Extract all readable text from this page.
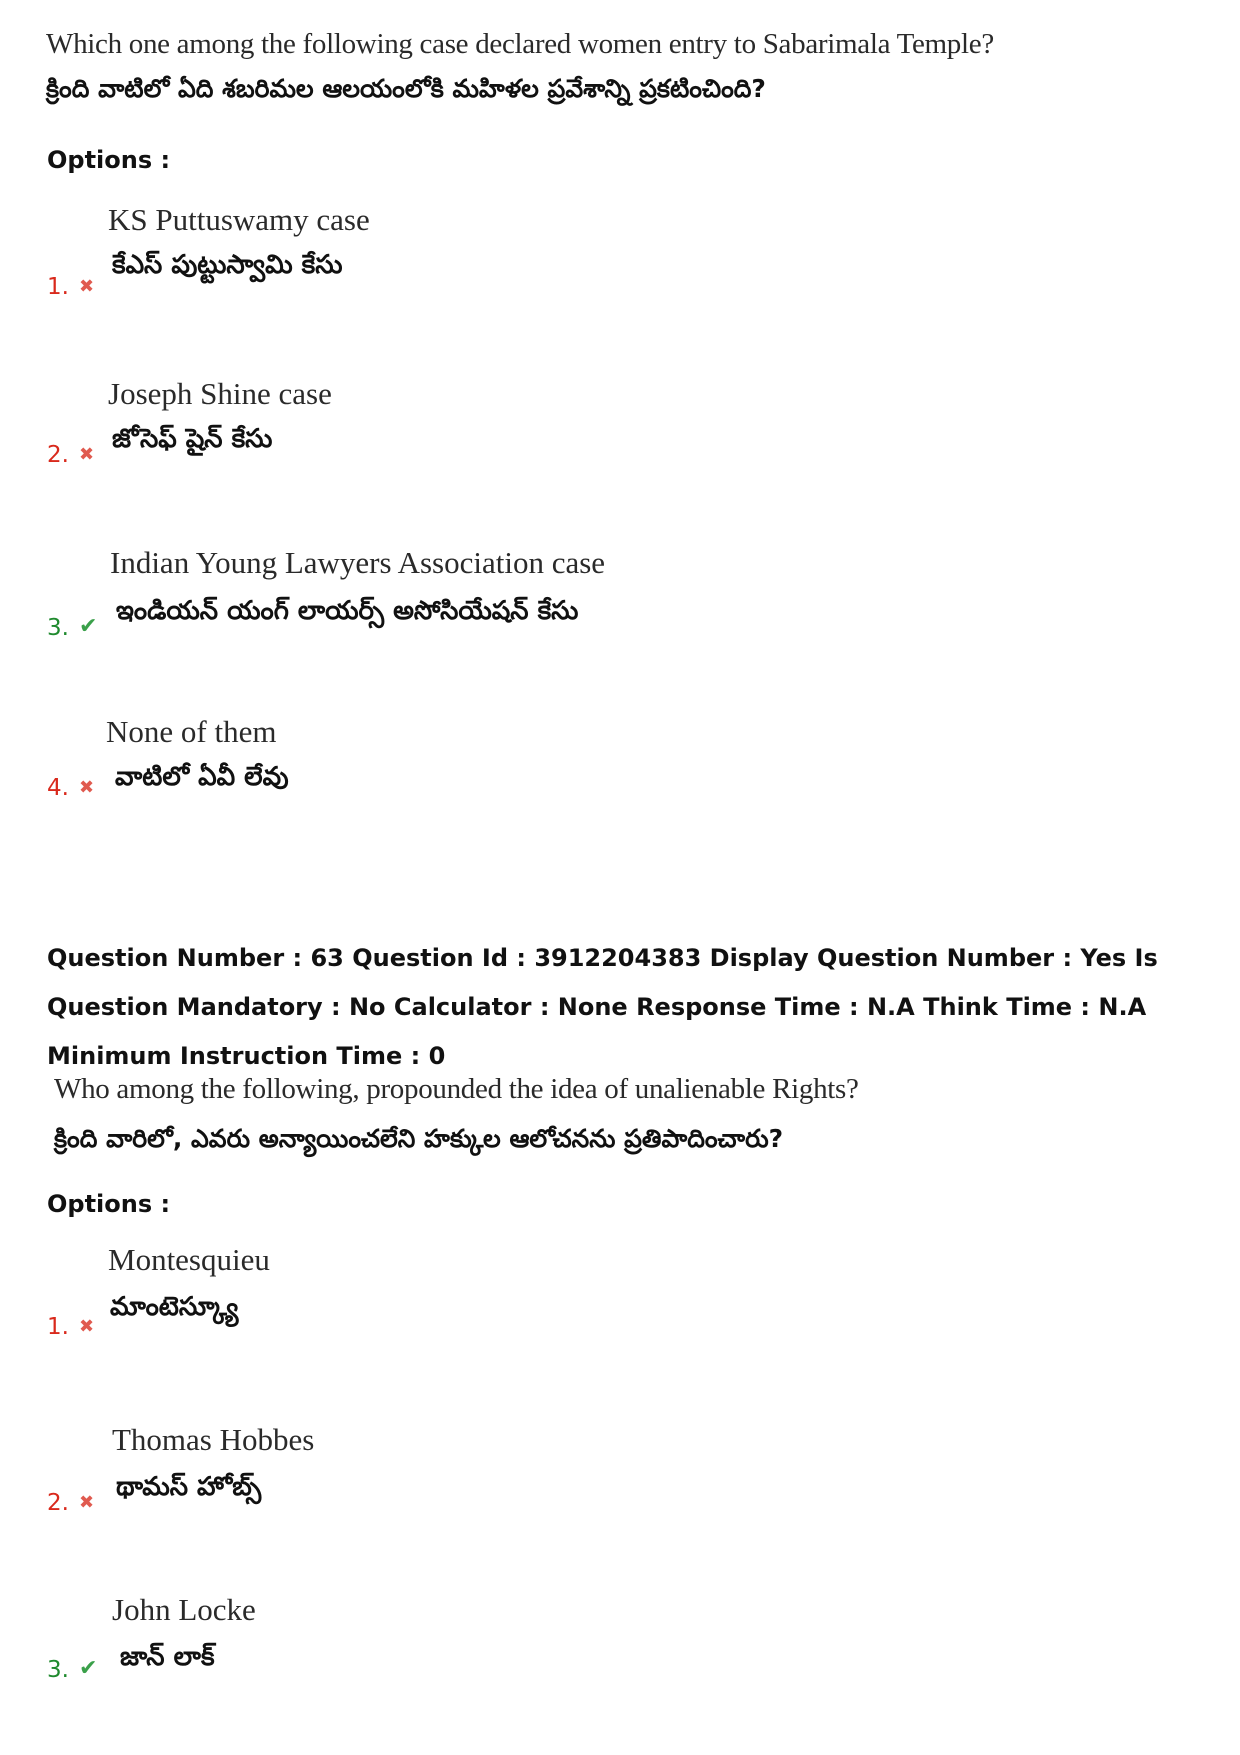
Which one among the following case declared women entry to Sabarimala Temple?
క్రింది వాటిలో ఏది శబరిమల ఆలయంలోకి మహిళల ప్రవేశాన్ని ప్రకటించింది?
Options :
KS Puttuswamy case
కేఎస్ పుట్టుస్వామి కేసు
1. ✖
Joseph Shine case
జోసెఫ్ షైన్ కేసు
2. ✖
Indian Young Lawyers Association case
ఇండియన్ యంగ్ లాయర్స్ అసోసియేషన్ కేసు
3. ✔
None of them
వాటిలో ఏవీ లేవు
4. ✖
Question Number : 63 Question Id : 3912204383 Display Question Number : Yes Is Question Mandatory : No Calculator : None Response Time : N.A Think Time : N.A Minimum Instruction Time : 0
Who among the following, propounded the idea of unalienable Rights?
క్రింది వారిలో, ఎవరు అన్యాయించలేని హక్కుల ఆలోచనను ప్రతిపాదించారు?
Options :
Montesquieu
మాంటెస్క్యూ
1. ✖
Thomas Hobbes
థామస్ హోబ్స్
2. ✖
John Locke
జాన్ లాక్
3. ✔
